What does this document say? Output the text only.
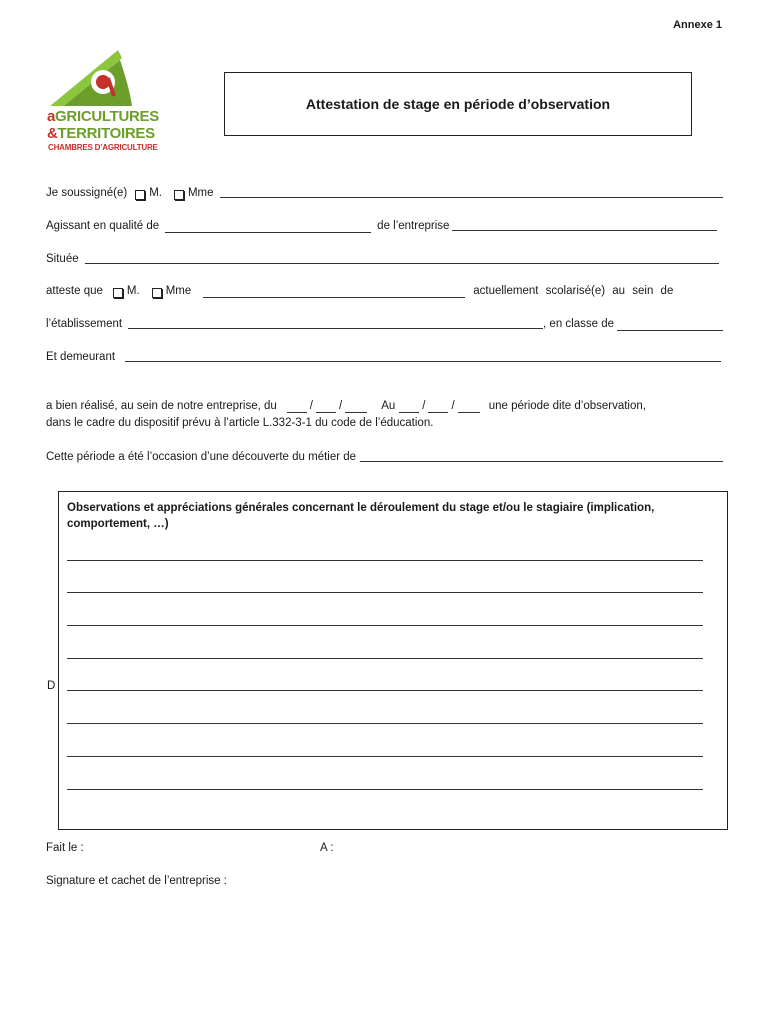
Annexe 1
aGRICULTURES
&TERRITOIRES
CHAMBRES D’AGRICULTURE
Attestation de stage en période d’observation
Je soussigné(e) M. Mme
Agissant en qualité de	de l’entreprise
Située
atteste que M. Mme	actuellement scolarisé(e) au sein de
l’établissement	, en classe de
Et demeurant
a bien réalisé, au sein de notre entreprise, du	/ /	Au / /	une période dite d’observation,
dans le cadre du dispositif prévu à l’article L.332-3-1 du code de l’éducation.
Cette période a été l’occasion d’une découverte du métier de
Observations et appréciations générales concernant le déroulement du stage et/ou le stagiaire (implication, comportement, …)
D
Fait le :	A :
Signature et cachet de l’entreprise :
